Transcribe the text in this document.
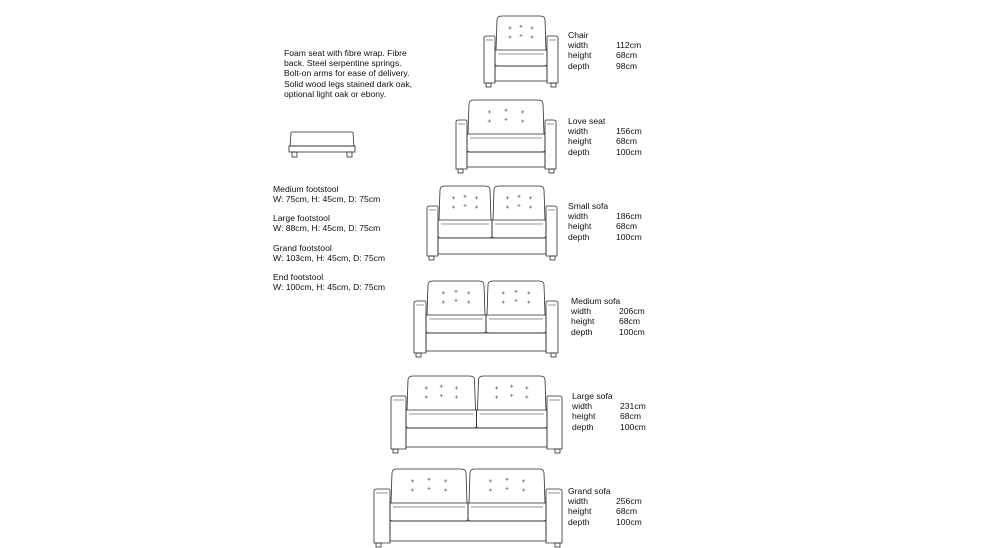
Foam seat with fibre wrap. Fibre
back. Steel serpentine springs.
Bolt-on arms for ease of delivery.
Solid wood legs stained dark oak,
optional light oak or ebony.
Medium footstool
W: 75cm, H: 45cm, D: 75cm
Large footstool
W: 88cm, H: 45cm, D: 75cm
Grand footstool
W: 103cm, H: 45cm, D: 75cm
End footstool
W: 100cm, H: 45cm, D: 75cm
Chair
width	112cm
height	68cm
depth	98cm
Love seat
width	156cm
height	68cm
depth	100cm
Small sofa
width	186cm
height	68cm
depth	100cm
Medium sofa
width	206cm
height	68cm
depth	100cm
Large sofa
width	231cm
height	68cm
depth	100cm
Grand sofa
width	256cm
height	68cm
depth	100cm
